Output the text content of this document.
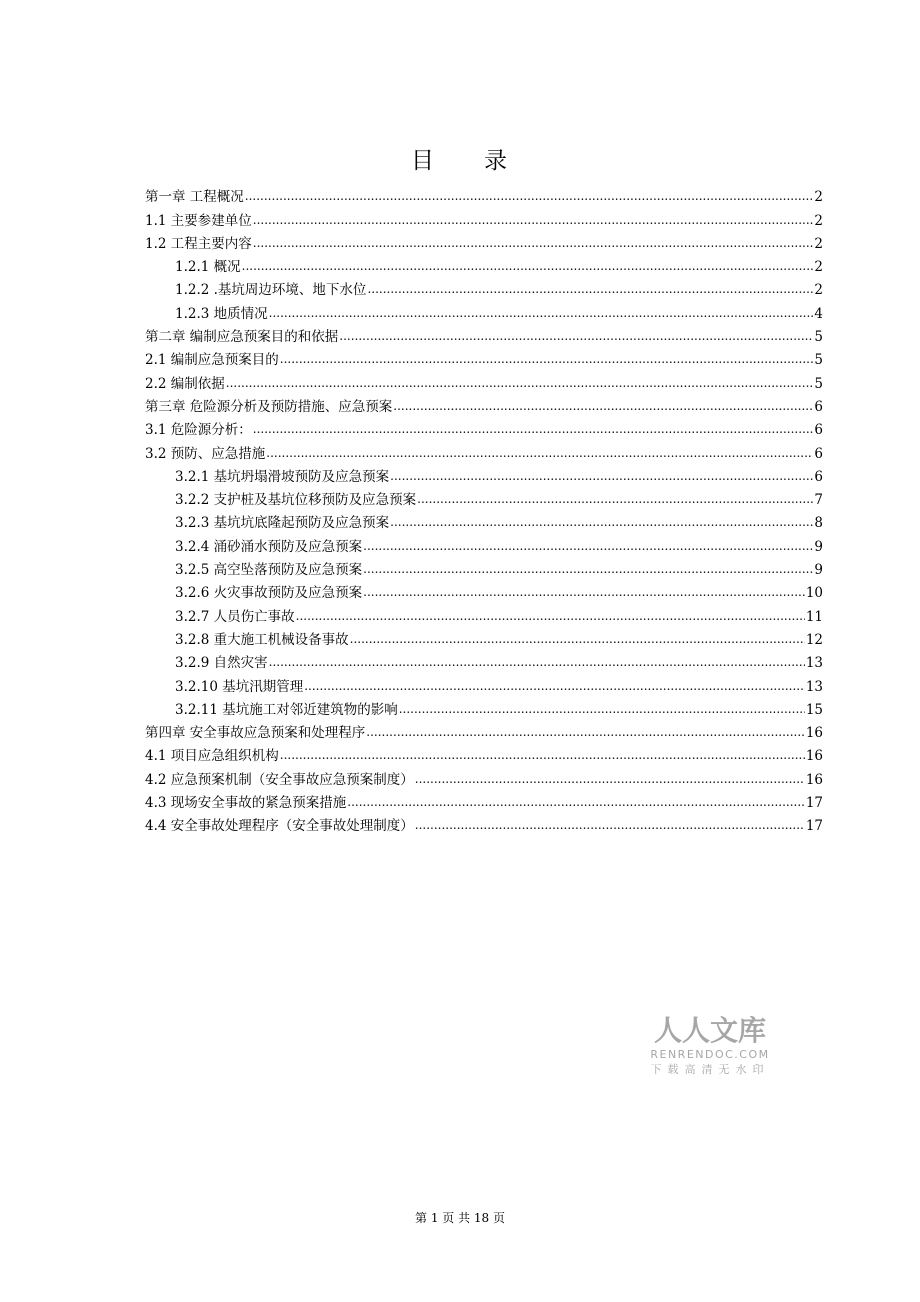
目 录
第一章 工程概况 .....	2
1.1 主要参建单位 .....	2
1.2 工程主要内容 .....	2
1.2.1 概况 .....	2
1.2.2 .基坑周边环境、地下水位 .....	2
1.2.3 地质情况 .....	4
第二章 编制应急预案目的和依据 .....	5
2.1 编制应急预案目的 .....	5
2.2 编制依据 .....	5
第三章 危险源分析及预防措施、应急预案 .....	6
3.1 危险源分析： .....	6
3.2 预防、应急措施 .....	6
3.2.1 基坑坍塌滑坡预防及应急预案 .....	6
3.2.2 支护桩及基坑位移预防及应急预案 .....	7
3.2.3 基坑坑底隆起预防及应急预案 .....	8
3.2.4 涌砂涌水预防及应急预案 .....	9
3.2.5 高空坠落预防及应急预案 .....	9
3.2.6 火灾事故预防及应急预案 .....	10
3.2.7 人员伤亡事故 .....	11
3.2.8 重大施工机械设备事故 .....	12
3.2.9 自然灾害 .....	13
3.2.10 基坑汛期管理 .....	13
3.2.11 基坑施工对邻近建筑物的影响 .....	15
第四章 安全事故应急预案和处理程序 .....	16
4.1 项目应急组织机构 .....	16
4.2 应急预案机制（安全事故应急预案制度） .....	16
4.3 现场安全事故的紧急预案措施 .....	17
4.4 安全事故处理程序（安全事故处理制度） .....	17
人人文库
RENRENDOC.COM
下载高清无水印
第 1 页 共 18 页
